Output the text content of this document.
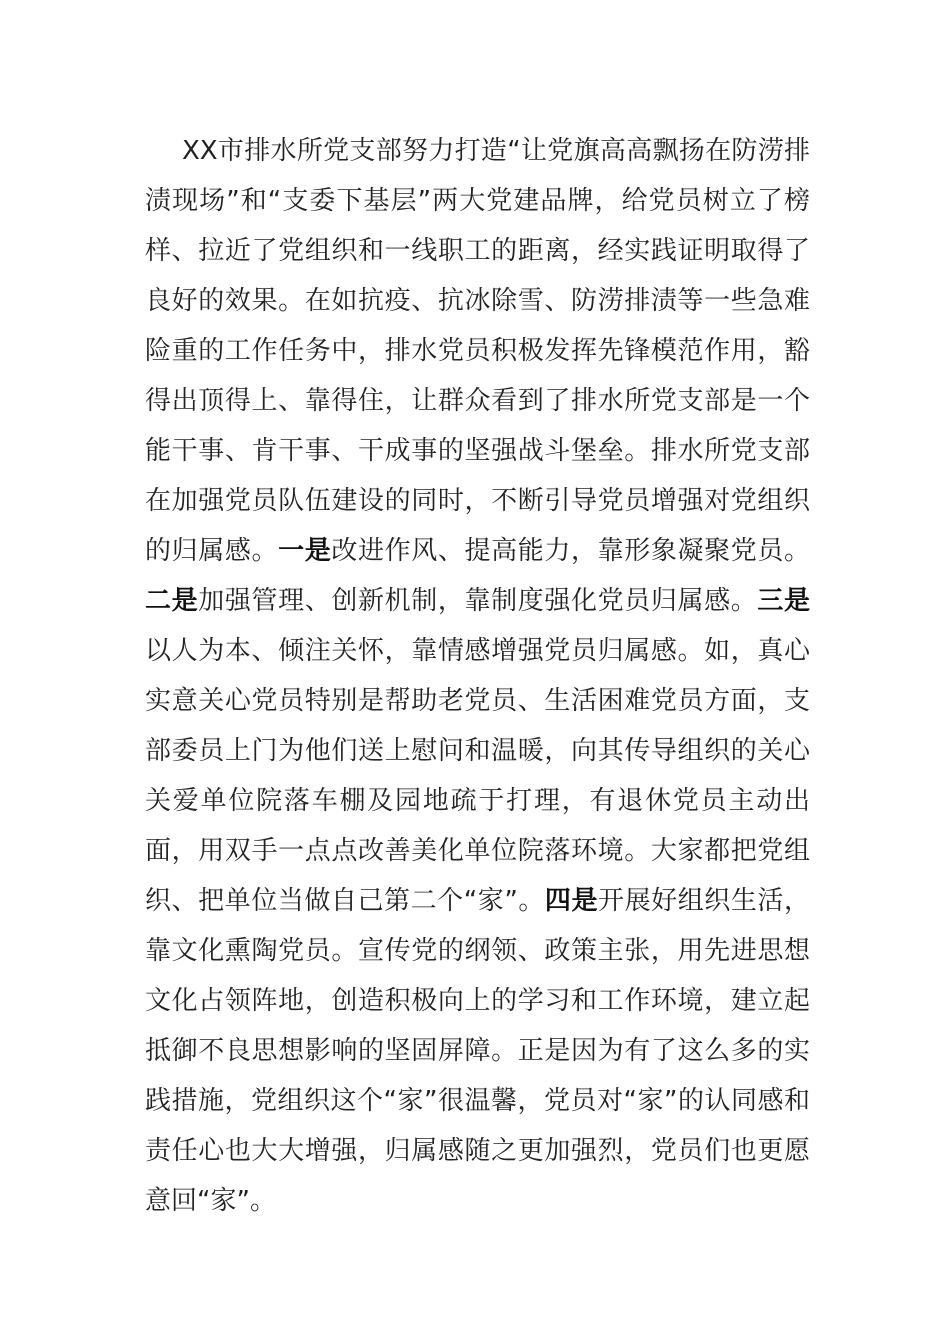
XX市排水所党支部努力打造“让党旗高高飘扬在防涝排渍现场”和“支委下基层”两大党建品牌，给党员树立了榜样、拉近了党组织和一线职工的距离，经实践证明取得了良好的效果。在如抗疫、抗冰除雪、防涝排渍等一些急难险重的工作任务中，排水党员积极发挥先锋模范作用，豁得出顶得上、靠得住，让群众看到了排水所党支部是一个能干事、肯干事、干成事的坚强战斗堡垒。排水所党支部在加强党员队伍建设的同时，不断引导党员增强对党组织的归属感。一是改进作风、提高能力，靠形象凝聚党员。二是加强管理、创新机制，靠制度强化党员归属感。三是以人为本、倾注关怀，靠情感增强党员归属感。如，真心实意关心党员特别是帮助老党员、生活困难党员方面，支部委员上门为他们送上慰问和温暖，向其传导组织的关心关爱单位院落车棚及园地疏于打理，有退休党员主动出面，用双手一点点改善美化单位院落环境。大家都把党组织、把单位当做自己第二个“家”。四是开展好组织生活，靠文化熏陶党员。宣传党的纲领、政策主张，用先进思想文化占领阵地，创造积极向上的学习和工作环境，建立起抵御不良思想影响的坚固屏障。正是因为有了这么多的实践措施，党组织这个“家”很温馨，党员对“家”的认同感和责任心也大大增强，归属感随之更加强烈，党员们也更愿意回“家”。
